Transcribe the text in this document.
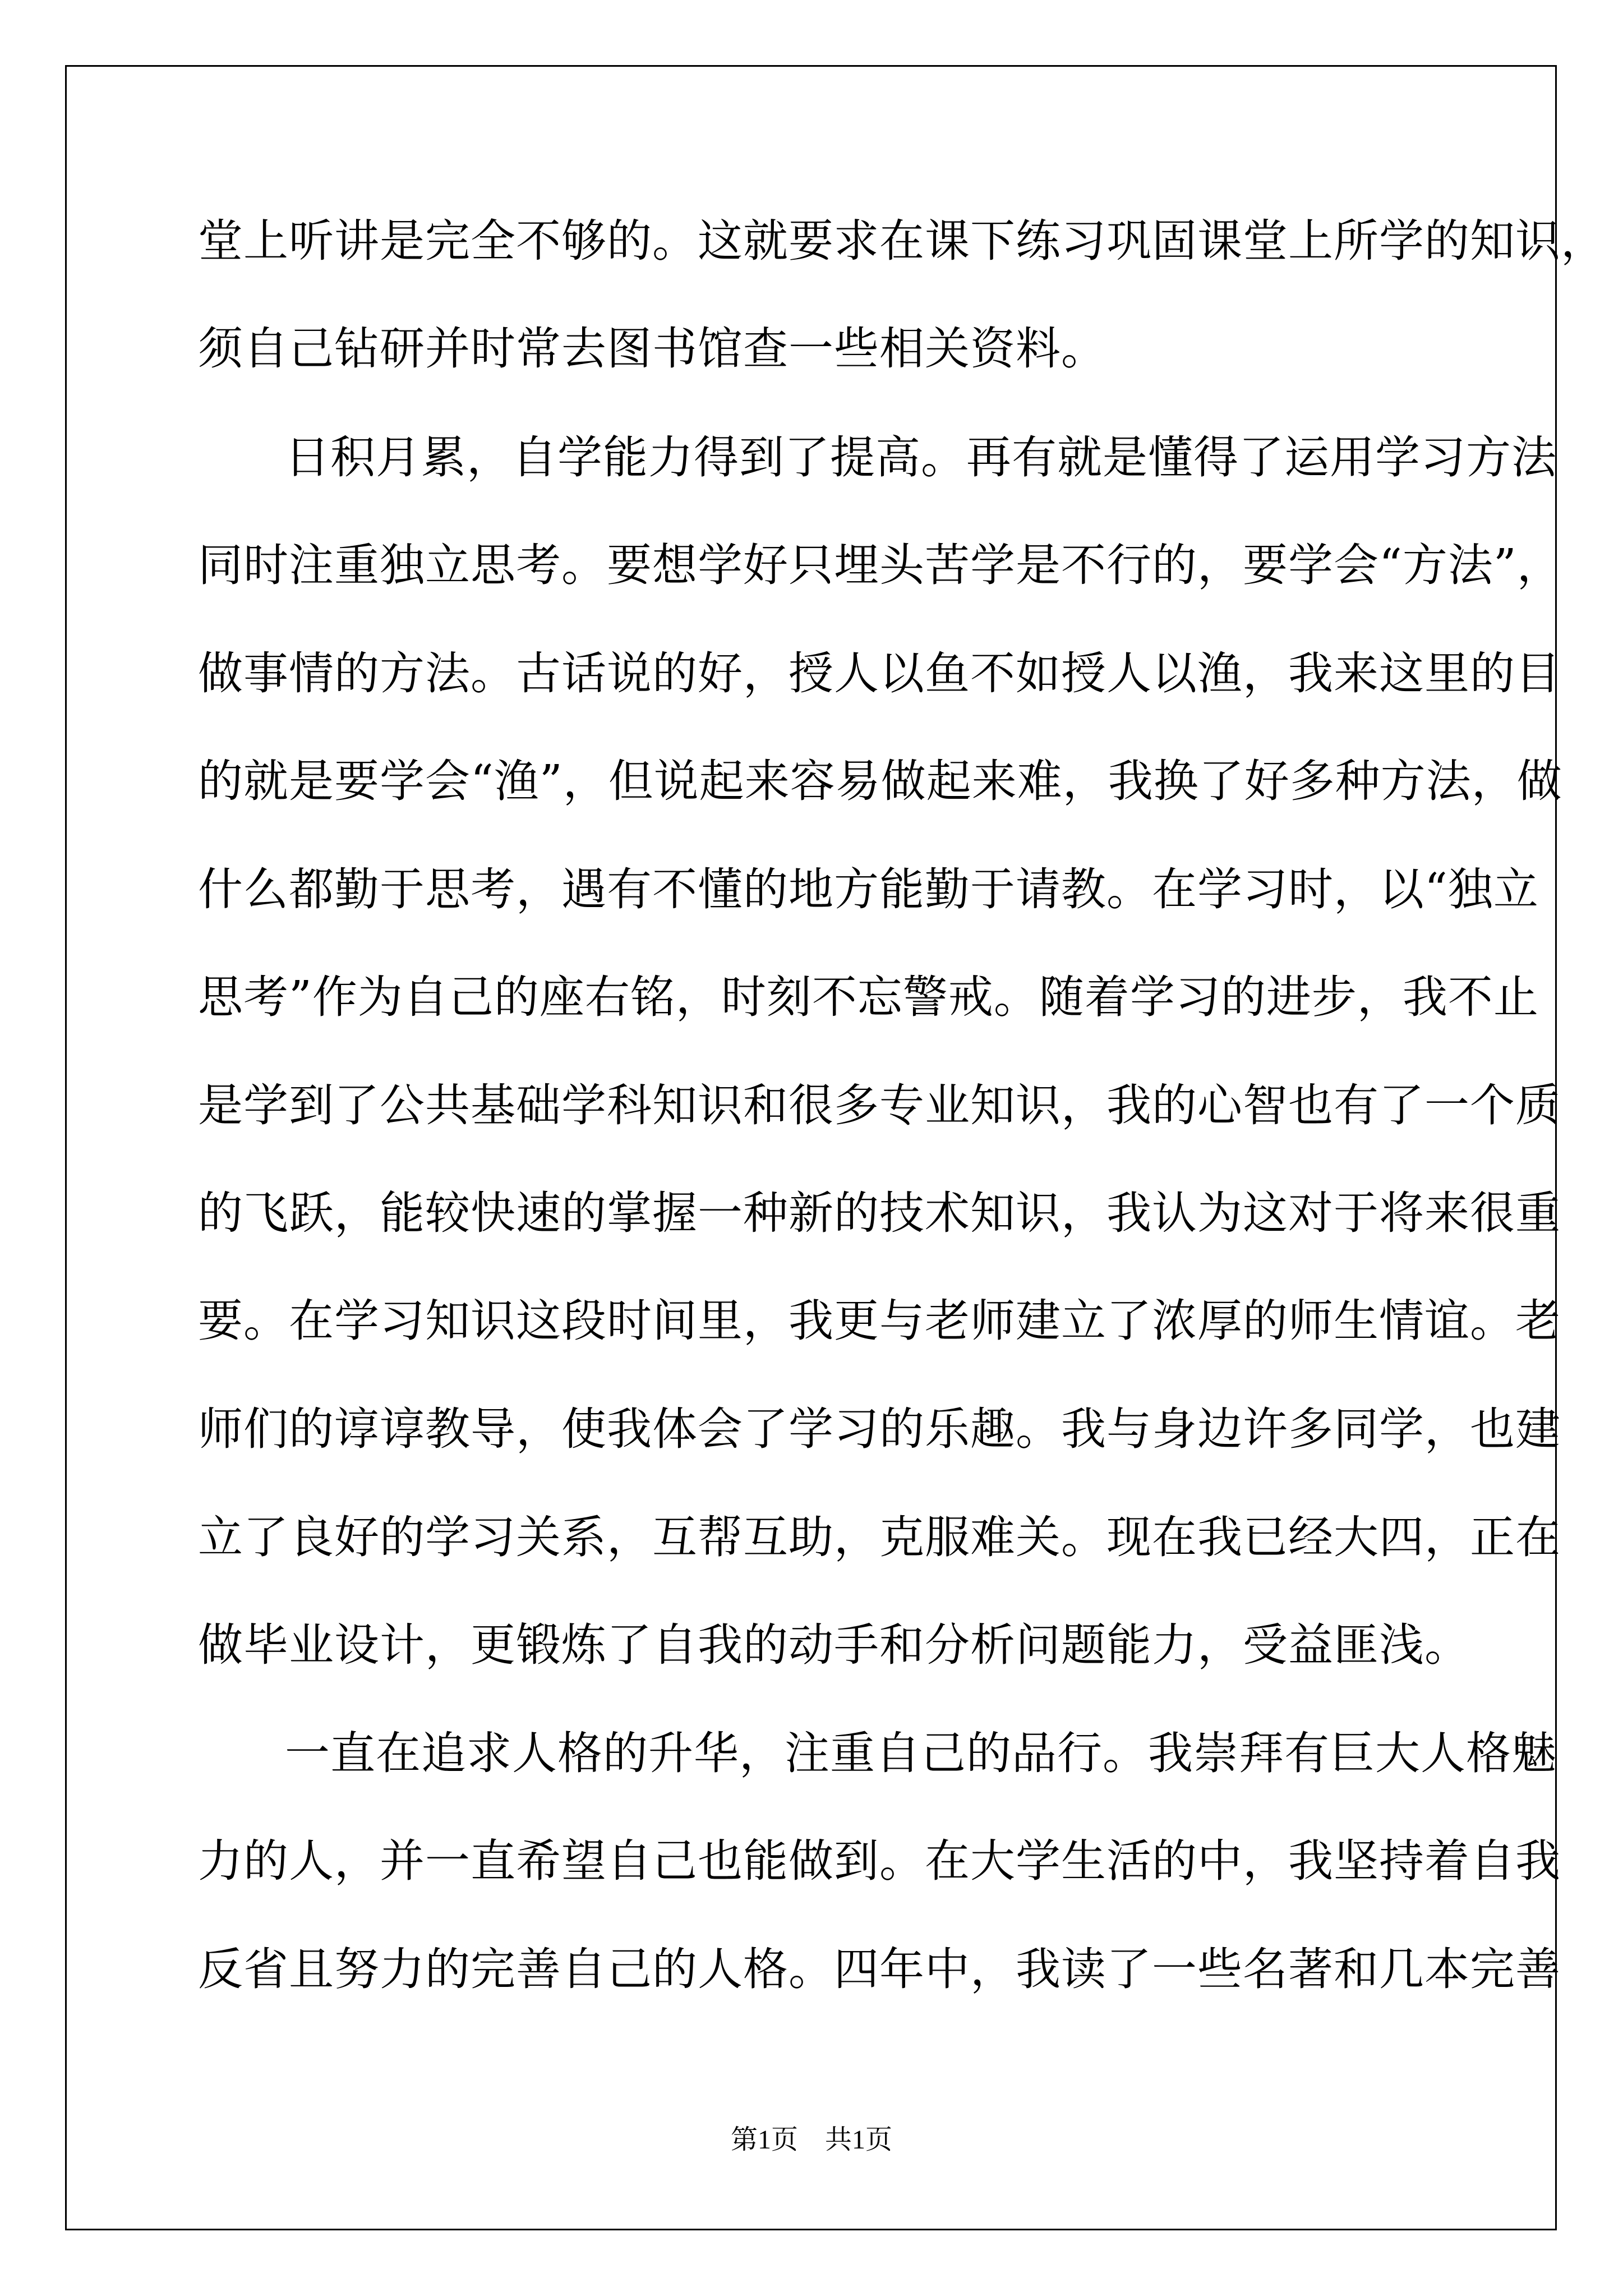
堂上听讲是完全不够的。这就要求在课下练习巩固课堂上所学的知识，
须自己钻研并时常去图书馆查一些相关资料。
日积月累，自学能力得到了提高。再有就是懂得了运用学习方法
同时注重独立思考。要想学好只埋头苦学是不行的，要学会“方法”，
做事情的方法。古话说的好，授人以鱼不如授人以渔，我来这里的目
的就是要学会“渔”，但说起来容易做起来难，我换了好多种方法，做
什么都勤于思考，遇有不懂的地方能勤于请教。在学习时，以“独立
思考”作为自己的座右铭，时刻不忘警戒。随着学习的进步，我不止
是学到了公共基础学科知识和很多专业知识，我的心智也有了一个质
的飞跃，能较快速的掌握一种新的技术知识，我认为这对于将来很重
要。在学习知识这段时间里，我更与老师建立了浓厚的师生情谊。老
师们的谆谆教导，使我体会了学习的乐趣。我与身边许多同学，也建
立了良好的学习关系，互帮互助，克服难关。现在我已经大四，正在
做毕业设计，更锻炼了自我的动手和分析问题能力，受益匪浅。
一直在追求人格的升华，注重自己的品行。我崇拜有巨大人格魅
力的人，并一直希望自己也能做到。在大学生活的中，我坚持着自我
反省且努力的完善自己的人格。四年中，我读了一些名著和几本完善
第1页　共1页
